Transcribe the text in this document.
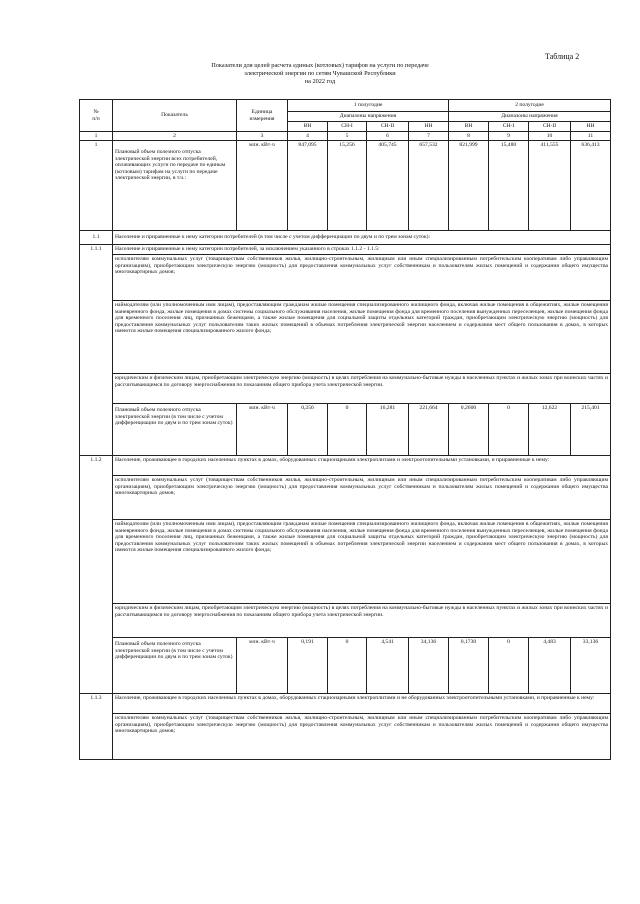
Таблица 2
Показатели для целей расчета единых (котловых) тарифов на услуги по передаче
электрической энергии по сетям Чувашской Республики
на 2022 год
№
п/п	Показатель	Единица измерения	1 полугодие				2 полугодие			
			Диапазоны напряжения				Диапазоны напряжения			
			ВН	СН-I	СН-II	НН	ВН	СН-I	СН-II	НН
1	2	3	4	5	6	7	8	9	10	11
1	Плановый объем полезного отпуска электрической энергии всех потребителей, оплачивающих услуги по передаче по единым (котловым) тарифам на услуги по передаче электрической энергии, в т.ч.:	млн. кВт·ч	847,095	15,256	405,745	657,532	821,999	15,480	411,555	636,413
1.1	Население и приравненные к нему категории потребителей (в том числе с учетом дифференциации по двум и по трем зонам суток):									
1.1.1	Население и приравненные к нему категории потребителей, за исключением указанного в строках 1.1.2 - 1.1.5:									
	исполнителям коммунальных услуг (товариществам собственников жилья, жилищно-строительным, жилищным или иным специализированным потребительским кооперативам либо управляющим организациям), приобретающим электрическую энергию (мощность) для предоставления коммунальных услуг собственникам и пользователям жилых помещений и содержания общего имущества многоквартирных домов;									
	наймодателям (или уполномоченным ими лицам), предоставляющим гражданам жилые помещения специализированного жилищного фонда, включая жилые помещения в общежитиях, жилые помещения маневренного фонда, жилые помещения в домах системы социального обслуживания населения, жилые помещения фонда для временного поселения вынужденных переселенцев, жилые помещения фонда для временного поселения лиц, признанных беженцами, а также жилые помещения для социальной защиты отдельных категорий граждан, приобретающим электрическую энергию (мощность) для предоставления коммунальных услуг пользователям таких жилых помещений в объемах потребления электрической энергии населением и содержания мест общего пользования в домах, в которых имеются жилые помещения специализированного жилого фонда;									
	юридическим и физическим лицам, приобретающим электрическую энергию (мощность) в целях потребления на коммунально-бытовые нужды в населенных пунктах и жилых зонах при воинских частях и рассчитывающимся по договору энергоснабжения по показаниям общего прибора учета электрической энергии.									
	Плановый объем полезного отпуска электрической энергии (в том числе с учетом дифференциации по двум и по трем зонам суток)	млн. кВт·ч	0,256	0	16,281	221,664	0,2600	0	12,622	215,401
1.1.2	Население, проживающее в городских населенных пунктах в домах, оборудованных стационарными электроплитами и электроотопительными установками, и приравненные к нему:									
	исполнителям коммунальных услуг (товариществам собственников жилья, жилищно-строительным, жилищным или иным специализированным потребительским кооперативам либо управляющим организациям), приобретающим электрическую энергию (мощность) для предоставления коммунальных услуг собственникам и пользователям жилых помещений и содержания общего имущества многоквартирных домов;									
	наймодателям (или уполномоченным ими лицам), предоставляющим гражданам жилые помещения специализированного жилищного фонда, включая жилые помещения в общежитиях, жилые помещения маневренного фонда, жилые помещения в домах системы социального обслуживания населения, жилые помещения фонда для временного поселения вынужденных переселенцев, жилые помещения фонда для временного поселения лиц, признанных беженцами, а также жилые помещения для социальной защиты отдельных категорий граждан, приобретающим электрическую энергию (мощность) для предоставления коммунальных услуг пользователям таких жилых помещений в объемах потребления электрической энергии населением и содержания мест общего пользования в домах, в которых имеются жилые помещения специализированного жилого фонда;									
	юридическим и физическим лицам, приобретающим электрическую энергию (мощность) в целях потребления на коммунально-бытовые нужды в населенных пунктах и жилых зонах при воинских частях и рассчитывающимся по договору энергоснабжения по показаниям общего прибора учета электрической энергии.									
	Плановый объем полезного отпуска электрической энергии (в том числе с учетом дифференциации по двум и по трем зонам суток)	млн. кВт·ч	0,191	0	4,541	34,136	0,1730	0	4,483	33,136
1.1.3	Население, проживающее в городских населенных пунктах в домах, оборудованных стационарными электроплитами и не оборудованных электроотопительными установками, и приравненные к нему:									
	исполнителям коммунальных услуг (товариществам собственников жилья, жилищно-строительным, жилищным или иным специализированным потребительским кооперативам либо управляющим организациям), приобретающим электрическую энергию (мощность) для предоставления коммунальных услуг собственникам и пользователям жилых помещений и содержания общего имущества многоквартирных домов;									
